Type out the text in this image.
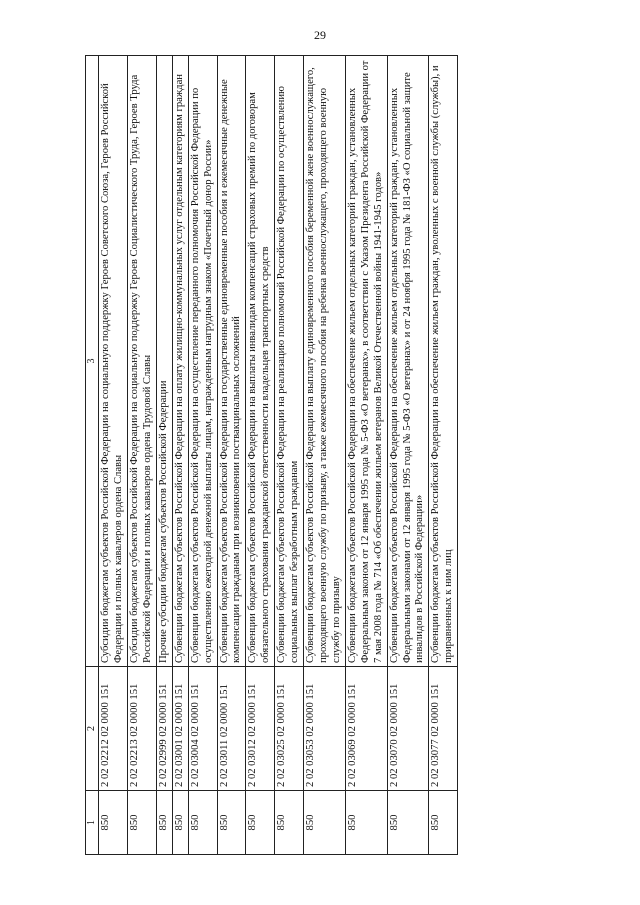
29
1	2	3
850	2 02 02212 02 0000 151	Субсидии бюджетам субъектов Российской Федерации на социальную поддержку Героев Советского Союза, Героев Российской Федерации и полных кавалеров ордена Славы
850	2 02 02213 02 0000 151	Субсидии бюджетам субъектов Российской Федерации на социальную поддержку Героев Социалистического Труда, Героев Труда Российской Федерации и полных кавалеров ордена Трудовой Славы
850	2 02 02999 02 0000 151	Прочие субсидии бюджетам субъектов Российской Федерации
850	2 02 03001 02 0000 151	Субвенции бюджетам субъектов Российской Федерации на оплату жилищно-коммунальных услуг отдельным категориям граждан
850	2 02 03004 02 0000 151	Субвенции бюджетам субъектов Российской Федерации на осуществление переданного полномочия Российской Федерации по осуществлению ежегодной денежной выплаты лицам, награжденным нагрудным знаком «Почетный донор России»
850	2 02 03011 02 0000 151	Субвенции бюджетам субъектов Российской Федерации на государственные единовременные пособия и ежемесячные денежные компенсации гражданам при возникновении поствакцинальных осложнений
850	2 02 03012 02 0000 151	Субвенции бюджетам субъектов Российской Федерации на выплаты инвалидам компенсаций страховых премий по договорам обязательного страхования гражданской ответственности владельцев транспортных средств
850	2 02 03025 02 0000 151	Субвенции бюджетам субъектов Российской Федерации на реализацию полномочий Российской Федерации по осуществлению социальных выплат безработным гражданам
850	2 02 03053 02 0000 151	Субвенции бюджетам субъектов Российской Федерации на выплату единовременного пособия беременной жене военнослужащего, проходящего военную службу по призыву, а также ежемесячного пособия на ребенка военнослужащего, проходящего военную службу по призыву
850	2 02 03069 02 0000 151	Субвенции бюджетам субъектов Российской Федерации на обеспечение жильем отдельных категорий граждан, установленных Федеральным законом от 12 января 1995 года № 5-ФЗ «О ветеранах», в соответствии с Указом Президента Российской Федерации от 7 мая 2008 года № 714 «Об обеспечении жильем ветеранов Великой Отечественной войны 1941-1945 годов»
850	2 02 03070 02 0000 151	Субвенции бюджетам субъектов Российской Федерации на обеспечение жильем отдельных категорий граждан, установленных Федеральными законами от 12 января 1995 года № 5-ФЗ «О ветеранах» и от 24 ноября 1995 года № 181-ФЗ «О социальной защите инвалидов в Российской Федерации»
850	2 02 03077 02 0000 151	Субвенции бюджетам субъектов Российской Федерации на обеспечение жильем граждан, уволенных с военной службы (службы), и приравненных к ним лиц
